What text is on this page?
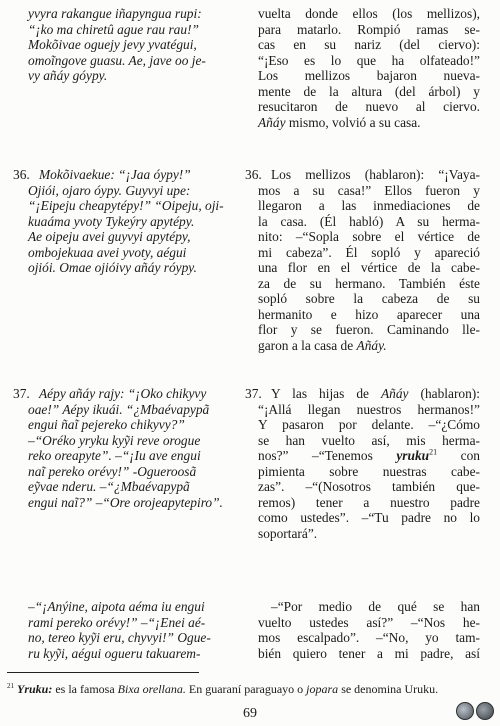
yvyra rakangue iñapyngua rupi:
“¡ko ma chiretû ague rau rau!”
Mokõivae oguejy jevy yvatégui,
omoĩngove guasu. Ae, jave oo je-
vy añáy góypy.
36. Mokõivaekue: “¡Jaa óypy!”
Ojiói, ojaro óypy. Guyvyi upe:
“¡Eipeju cheapytépy!” “Oipeju, oji-
kuaáma yvoty Tykeýry apytépy.
Ae oipeju avei guyvyi apytépy,
ombojekuaa avei yvoty, aégui
ojiói. Omae ojióivy añáy róypy.
37. Aépy añáy rajy: “¡Oko chikyvy
oae!” Aépy ikuái. “¿Mbaévapypã
engui ñaĩ pejereko chikyvy?”
–“Oréko yryku kyỹi reve orogue
reko oreapyte”. –“¡Iu ave engui
naĩ pereko orévy!” -Ogueroosã
eỹvae nderu. –“¿Mbaévapypã
engui naĩ?” –“Ore orojeapytepiro”.
–“¡Anýine, aipota aéma iu engui
rami pereko orévy!” –“¡Enei aé-
no, tereo kyỹi eru, chyvyi!” Ogue-
ru kyỹi, aégui ogueru takuarem-
vuelta donde ellos (los mellizos),
para matarlo. Rompió ramas se-
cas en su nariz (del ciervo):
“¡Eso es lo que ha olfateado!”
Los mellizos bajaron nueva-
mente de la altura (del árbol) y
resucitaron de nuevo al ciervo.
Añáy mismo, volvió a su casa.
36. Los mellizos (hablaron): “¡Vaya-
mos a su casa!” Ellos fueron y
llegaron a las inmediaciones de
la casa. (Él habló) A su herma-
nito: –“Sopla sobre el vértice de
mi cabeza”. Él sopló y apareció
una flor en el vértice de la cabe-
za de su hermano. También éste
sopló sobre la cabeza de su
hermanito e hizo aparecer una
flor y se fueron. Caminando lle-
garon a la casa de Añáy.
37. Y las hijas de Añáy (hablaron):
“¡Allá llegan nuestros hermanos!”
Y pasaron por delante. –“¿Cómo
se han vuelto así, mis herma-
nos?” –“Tenemos yruku$^{21}$ con
pimienta sobre nuestras cabe-
zas”. –“(Nosotros también que-
remos) tener a nuestro padre
como ustedes”. –“Tu padre no lo
soportará”.
–“Por medio de qué se han
vuelto ustedes así?” –“Nos he-
mos escalpado”. –“No, yo tam-
bién quiero tener a mi padre, así
$^{21}$ Yruku: es la famosa Bixa orellana. En guaraní paraguayo o jopara se denomina Uruku.
69
